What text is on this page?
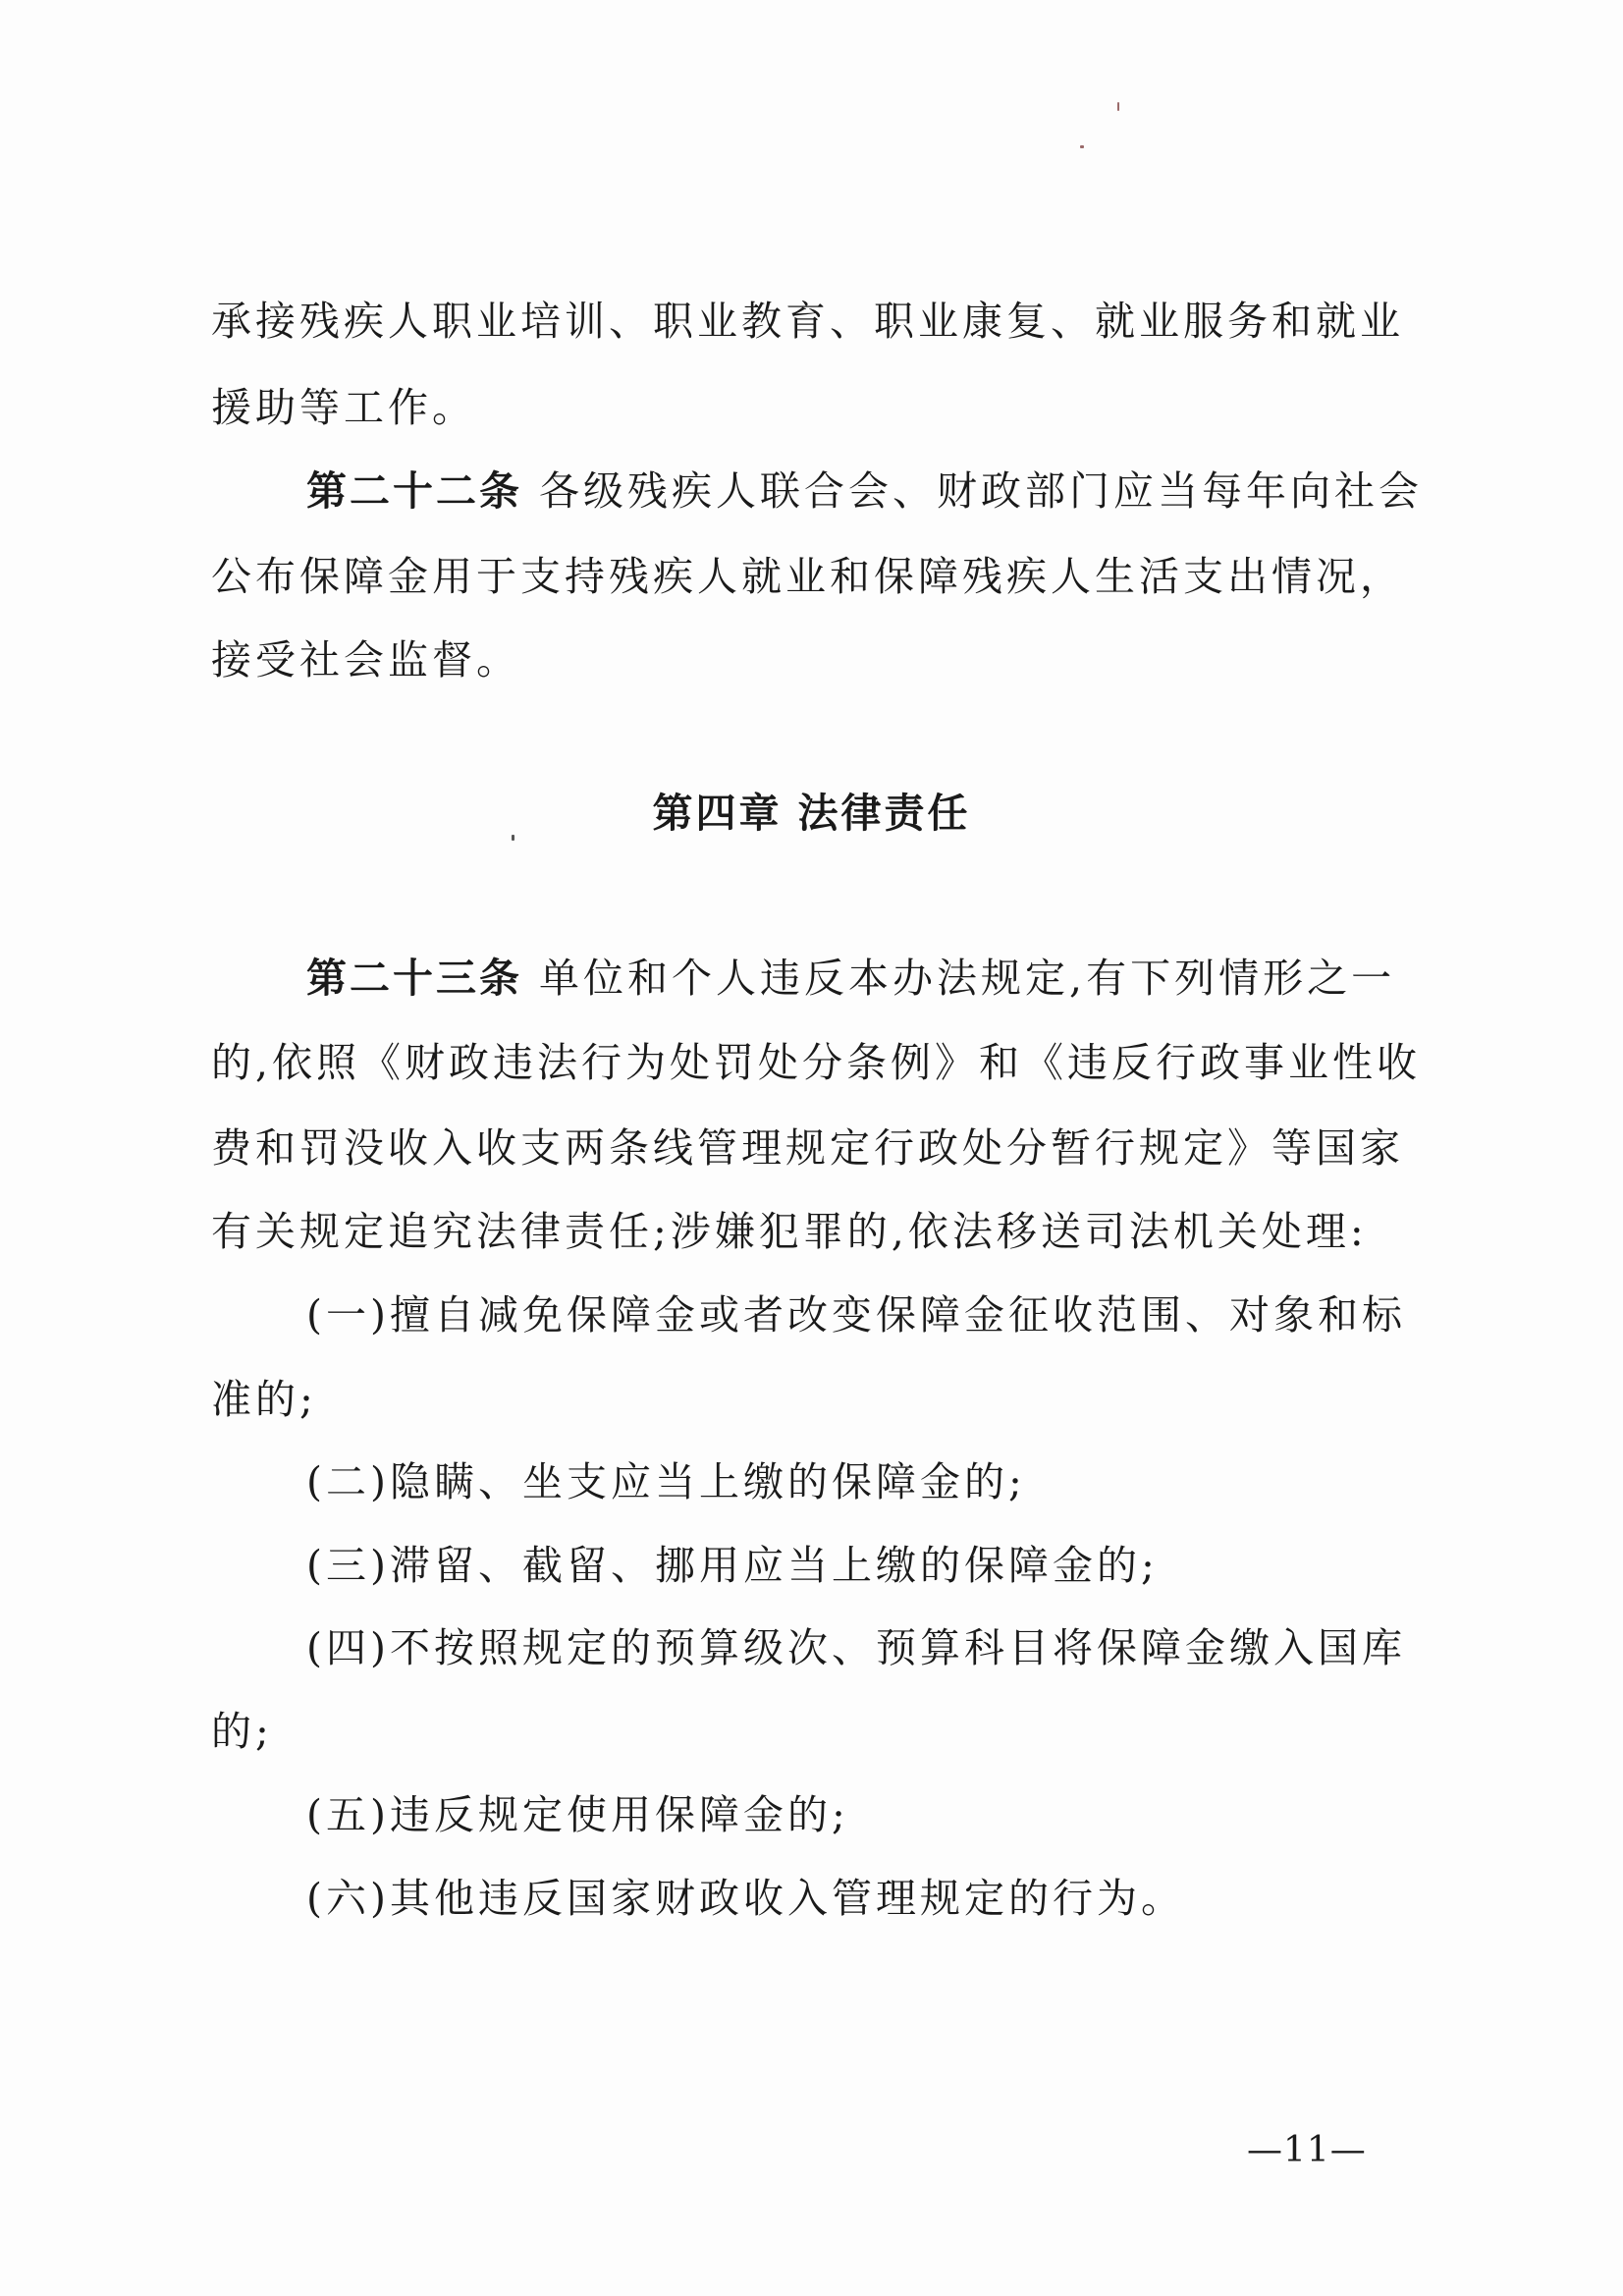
承接残疾人职业培训、职业教育、职业康复、就业服务和就业
援助等工作。
第二十二条 各级残疾人联合会、财政部门应当每年向社会
公布保障金用于支持残疾人就业和保障残疾人生活支出情况，
接受社会监督。
第四章 法律责任
第二十三条 单位和个人违反本办法规定,有下列情形之一
的,依照《财政违法行为处罚处分条例》和《违反行政事业性收
费和罚没收入收支两条线管理规定行政处分暂行规定》等国家
有关规定追究法律责任;涉嫌犯罪的,依法移送司法机关处理:
(一)擅自减免保障金或者改变保障金征收范围、对象和标
准的;
(二)隐瞒、坐支应当上缴的保障金的;
(三)滞留、截留、挪用应当上缴的保障金的;
(四)不按照规定的预算级次、预算科目将保障金缴入国库
的;
(五)违反规定使用保障金的;
(六)其他违反国家财政收入管理规定的行为。
—11—
